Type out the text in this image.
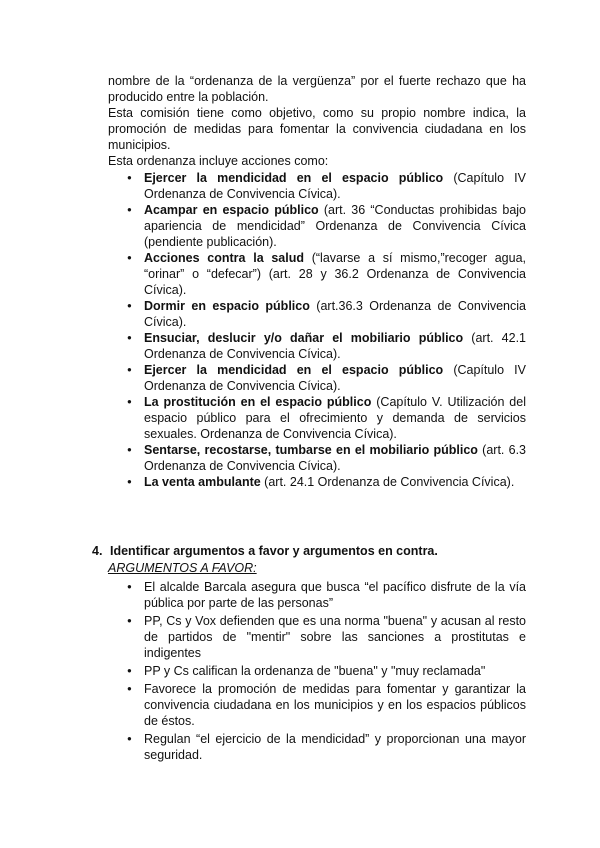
nombre de la “ordenanza de la vergüenza” por el fuerte rechazo que ha producido entre la población.

Esta comisión tiene como objetivo, como su propio nombre indica, la promoción de medidas para fomentar la convivencia ciudadana en los municipios.

Esta ordenanza incluye acciones como:

● Ejercer la mendicidad en el espacio público (Capítulo IV Ordenanza de Convivencia Cívica).
● Acampar en espacio público (art. 36 “Conductas prohibidas bajo apariencia de mendicidad” Ordenanza de Convivencia Cívica (pendiente publicación).
● Acciones contra la salud (“lavarse a sí mismo,”recoger agua, “orinar” o “defecar”) (art. 28 y 36.2 Ordenanza de Convivencia Cívica).
● Dormir en espacio público (art.36.3 Ordenanza de Convivencia Cívica).
● Ensuciar, deslucir y/o dañar el mobiliario público (art. 42.1 Ordenanza de Convivencia Cívica).
● Ejercer la mendicidad en el espacio público (Capítulo IV Ordenanza de Convivencia Cívica).
● La prostitución en el espacio público (Capítulo V. Utilización del espacio público para el ofrecimiento y demanda de servicios sexuales. Ordenanza de Convivencia Cívica).
● Sentarse, recostarse, tumbarse en el mobiliario público (art. 6.3 Ordenanza de Convivencia Cívica).
● La venta ambulante (art. 24.1 Ordenanza de Convivencia Cívica).

4. Identificar argumentos a favor y argumentos en contra.

ARGUMENTOS A FAVOR:

● El alcalde Barcala asegura que busca “el pacífico disfrute de la vía pública por parte de las personas”
● PP, Cs y Vox defienden que es una norma "buena" y acusan al resto de partidos de "mentir" sobre las sanciones a prostitutas e indigentes
● PP y Cs califican la ordenanza de "buena" y "muy reclamada"
● Favorece la promoción de medidas para fomentar y garantizar la convivencia ciudadana en los municipios y en los espacios públicos de éstos.
● Regulan “el ejercicio de la mendicidad” y proporcionan una mayor seguridad.
